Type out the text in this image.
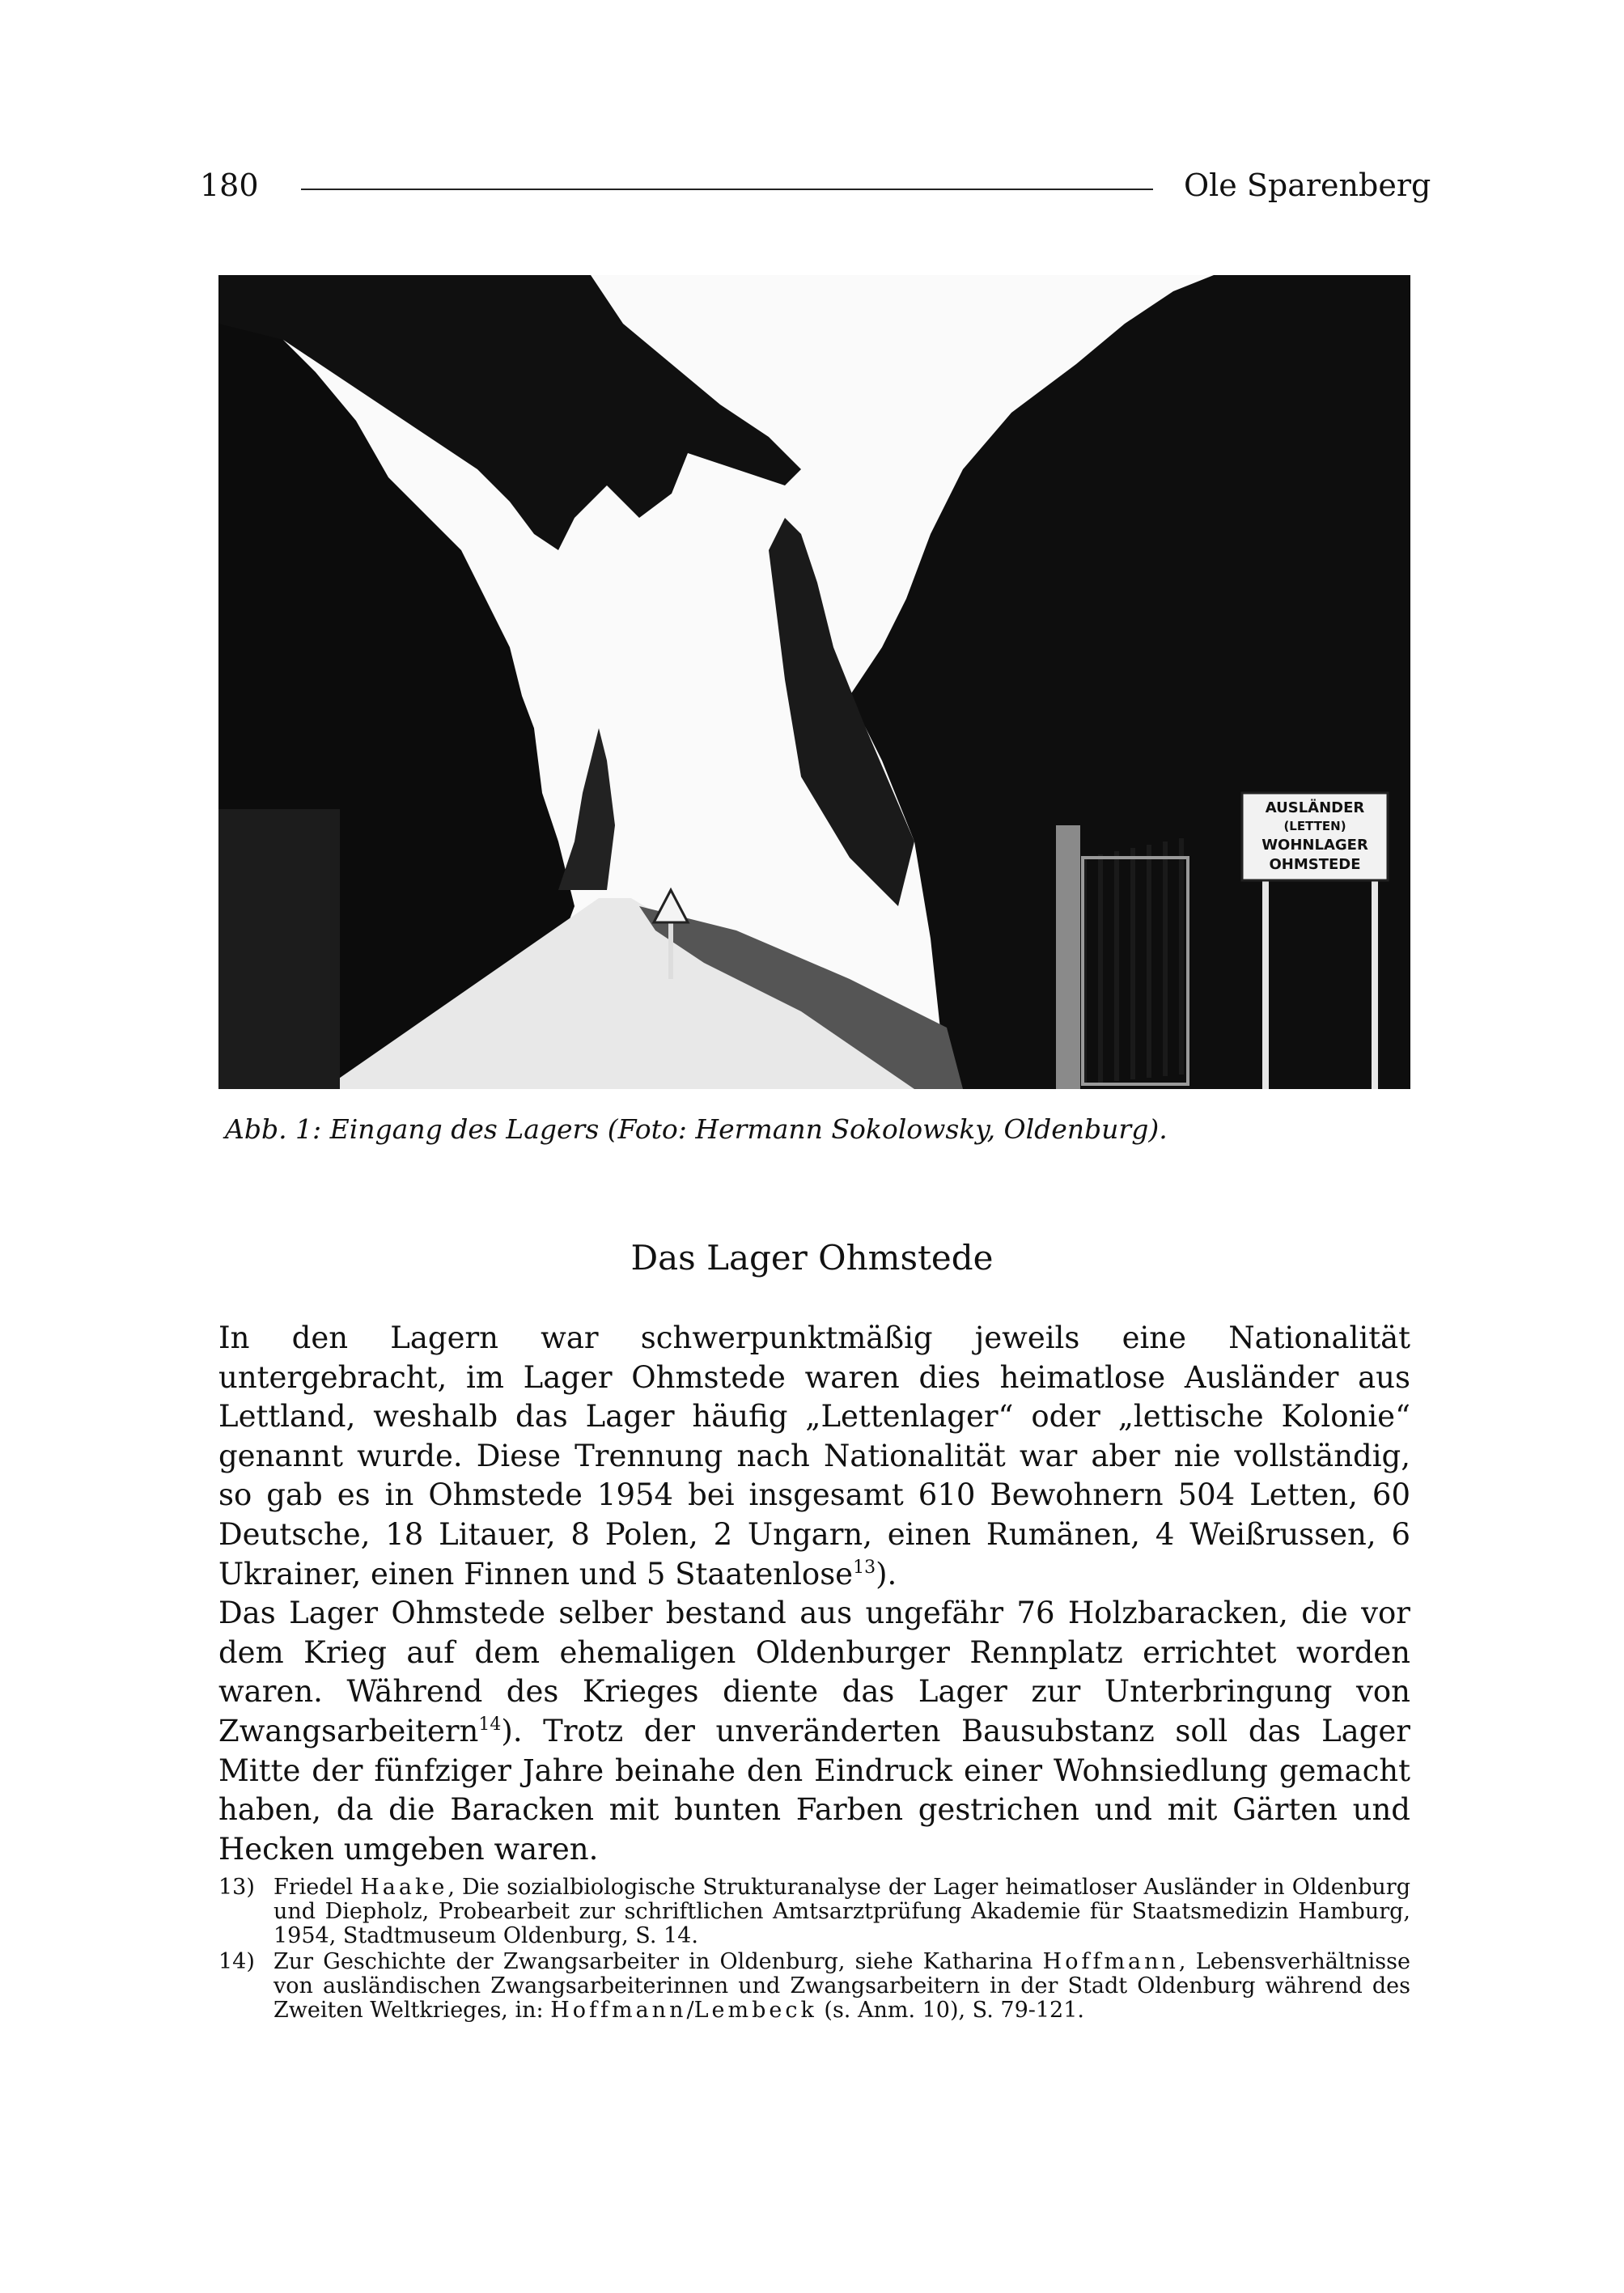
180	Ole Sparenberg
AUSLÄNDER
(LETTEN)
WOHNLAGER
OHMSTEDE
Abb. 1: Eingang des Lagers (Foto: Hermann Sokolowsky, Oldenburg).
Das Lager Ohmstede

In den Lagern war schwerpunktmäßig jeweils eine Nationalität untergebracht, im Lager Ohmstede waren dies heimatlose Ausländer aus Lettland, weshalb das Lager häufig „Lettenlager“ oder „lettische Kolonie“ genannt wurde. Diese Trennung nach Nationalität war aber nie vollständig, so gab es in Ohmstede 1954 bei insgesamt 610 Bewohnern 504 Letten, 60 Deutsche, 18 Litauer, 8 Polen, 2 Ungarn, einen Rumänen, 4 Weißrussen, 6 Ukrainer, einen Finnen und 5 Staatenlose$^{13}$).

Das Lager Ohmstede selber bestand aus ungefähr 76 Holzbaracken, die vor dem Krieg auf dem ehemaligen Oldenburger Rennplatz errichtet worden waren. Während des Krieges diente das Lager zur Unterbringung von Zwangsarbeitern$^{14}$). Trotz der unveränderten Bausubstanz soll das Lager Mitte der fünfziger Jahre beinahe den Eindruck einer Wohnsiedlung gemacht haben, da die Baracken mit bunten Farben gestrichen und mit Gärten und Hecken umgeben waren.

13) Friedel Haake, Die sozialbiologische Strukturanalyse der Lager heimatloser Ausländer in Oldenburg und Diepholz, Probearbeit zur schriftlichen Amtsarztprüfung Akademie für Staatsmedizin Hamburg, 1954, Stadtmuseum Oldenburg, S. 14.
14) Zur Geschichte der Zwangsarbeiter in Oldenburg, siehe Katharina Hoffmann, Lebensverhältnisse von ausländischen Zwangsarbeiterinnen und Zwangsarbeitern in der Stadt Oldenburg während des Zweiten Weltkrieges, in: Hoffmann/Lembeck (s. Anm. 10), S. 79-121.
